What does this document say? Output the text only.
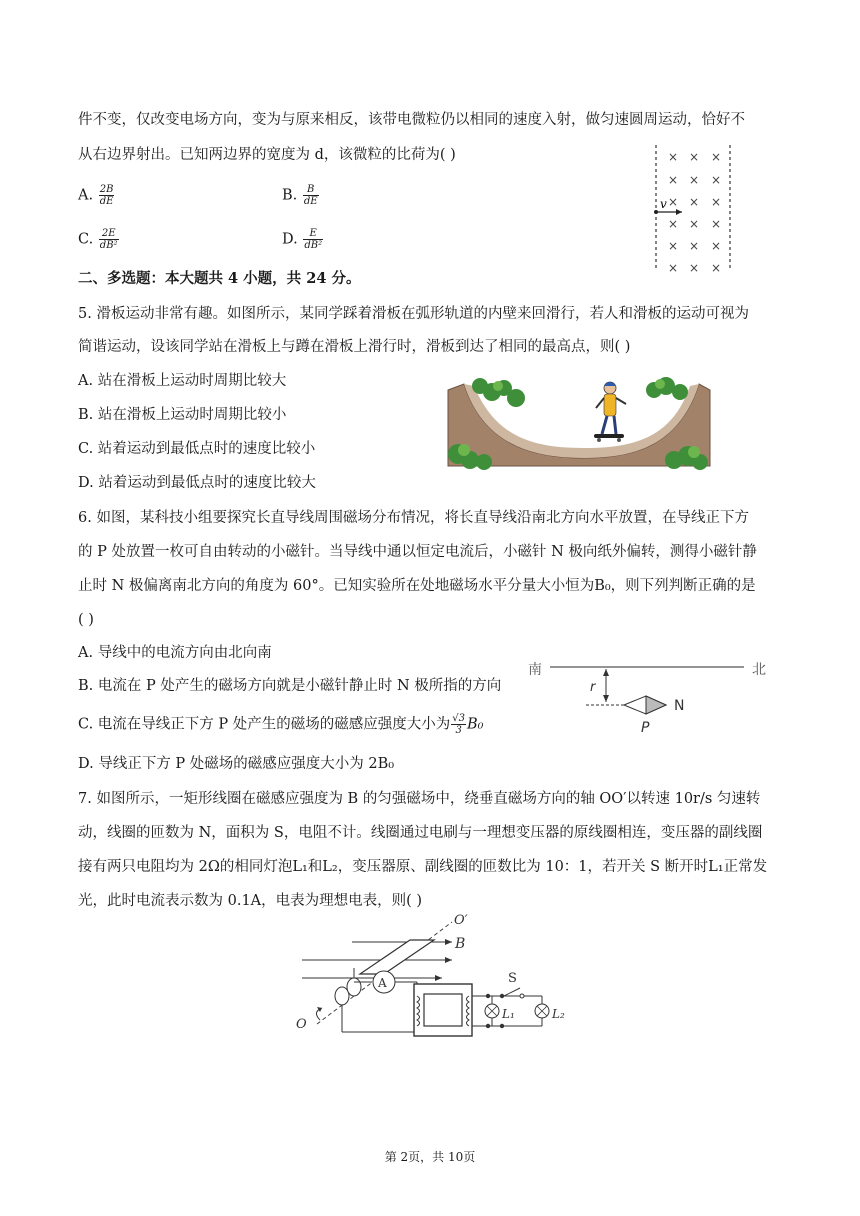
件不变，仅改变电场方向，变为与原来相反，该带电微粒仍以相同的速度入射，做匀速圆周运动，恰好不
从右边界射出。已知两边界的宽度为 d，该微粒的比荷为( )
A. $\frac{2B}{dE}$	B. $\frac{B}{dE}$
C. $\frac{2E}{\text{dB²}}$	D. $\frac{E}{\text{dB²}}$
× × ×
× × ×
× × ×
× × ×
× × ×
× × ×
v
二、多选题：本大题共 4 小题，共 24 分。
5. 滑板运动非常有趣。如图所示，某同学踩着滑板在弧形轨道的内壁来回滑行，若人和滑板的运动可视为
简谐运动，设该同学站在滑板上与蹲在滑板上滑行时，滑板到达了相同的最高点，则( )
A. 站在滑板上运动时周期比较大
B. 站在滑板上运动时周期比较小
C. 站着运动到最低点时的速度比较小
D. 站着运动到最低点时的速度比较大
6. 如图，某科技小组要探究长直导线周围磁场分布情况，将长直导线沿南北方向水平放置，在导线正下方
的 P 处放置一枚可自由转动的小磁针。当导线中通以恒定电流后，小磁针 N 极向纸外偏转，测得小磁针静
止时 N 极偏离南北方向的角度为 60°。已知实验所在处地磁场水平分量大小恒为B₀，则下列判断正确的是
( )
A. 导线中的电流方向由北向南
B. 电流在 P 处产生的磁场方向就是小磁针静止时 N 极所指的方向
C. 电流在导线正下方 P 处产生的磁场的磁感应强度大小为 $\frac{√3}{3} B_0$
D. 导线正下方 P 处磁场的磁感应强度大小为 2B₀
南	北
r
N
P
7. 如图所示，一矩形线圈在磁感应强度为 B 的匀强磁场中，绕垂直磁场方向的轴 OO′以转速 10r/s 匀速转
动，线圈的匝数为 N，面积为 S，电阻不计。线圈通过电刷与一理想变压器的原线圈相连，变压器的副线圈
接有两只电阻均为 2Ω的相同灯泡L₁和L₂，变压器原、副线圈的匝数比为 10：1，若开关 S 断开时L₁正常发
光，此时电流表示数为 0.1A，电表为理想电表，则( )
B
O′
O
A	S
L₁	L₂
第 2页，共 10页
